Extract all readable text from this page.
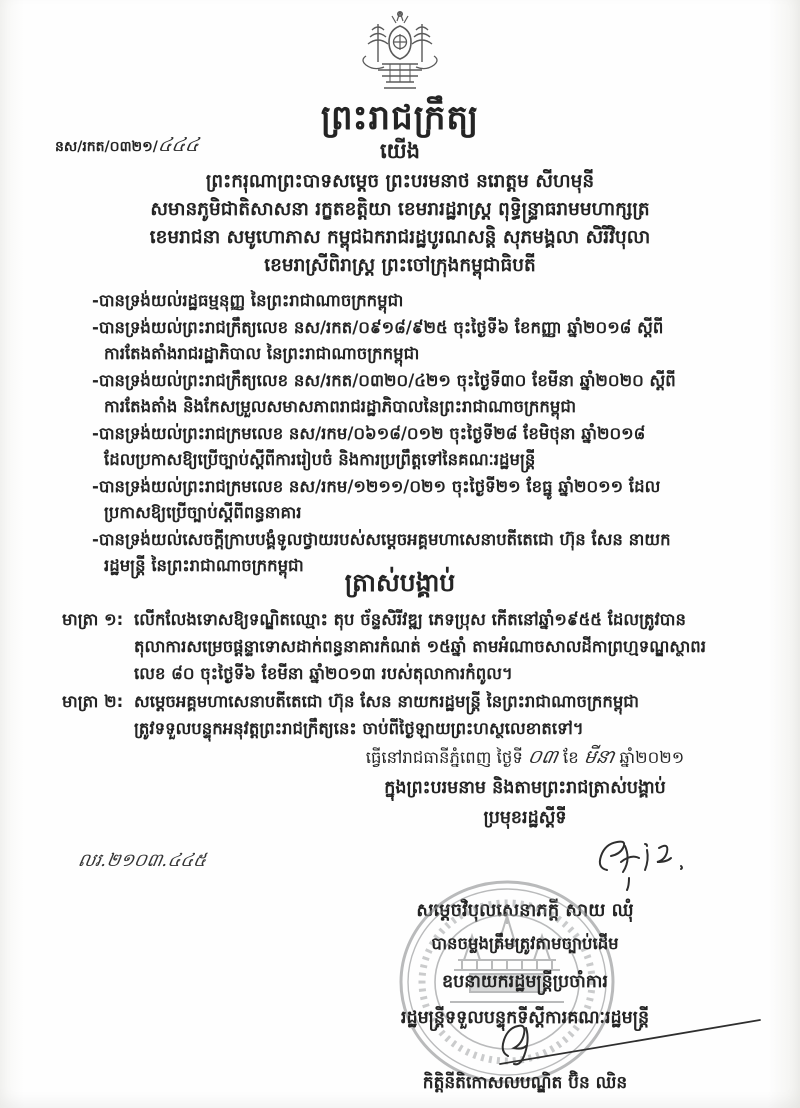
ព្រះរាជក្រឹត្យ
យើង
នស/រកត/០៣២១/៤៤៤
ព្រះករុណាព្រះបាទសម្តេច ព្រះបរមនាថ នរោត្តម សីហមុនី
សមានភូមិជាតិសាសនា រក្ខតខត្តិយា ខេមរារដ្ឋរាស្ត្រ ពុទ្ធិន្ទ្រាធរាមមហាក្សត្រ
ខេមរាជនា សមូហោភាស កម្ពុជឯករាជរដ្ឋបូរណសន្តិ សុភមង្គលា សិរីវិបុលា
ខេមរាស្រីពិរាស្ត្រ ព្រះចៅក្រុងកម្ពុជាធិបតី
-បានទ្រង់យល់រដ្ឋធម្មនុញ្ញ នៃព្រះរាជាណាចក្រកម្ពុជា
-បានទ្រង់យល់ព្រះរាជក្រឹត្យលេខ នស/រកត/០៩១៨/៩២៥ ចុះថ្ងៃទី៦ ខែកញ្ញា ឆ្នាំ២០១៨ ស្តីពី
ការតែងតាំងរាជរដ្ឋាភិបាល នៃព្រះរាជាណាចក្រកម្ពុជា
-បានទ្រង់យល់ព្រះរាជក្រឹត្យលេខ នស/រកត/០៣២០/៤២១ ចុះថ្ងៃទី៣០ ខែមីនា ឆ្នាំ២០២០ ស្តីពី
ការតែងតាំង និងកែសម្រួលសមាសភាពរាជរដ្ឋាភិបាលនៃព្រះរាជាណាចក្រកម្ពុជា
-បានទ្រង់យល់ព្រះរាជក្រមលេខ នស/រកម/០៦១៨/០១២ ចុះថ្ងៃទី២៨ ខែមិថុនា ឆ្នាំ២០១៨
ដែលប្រកាសឱ្យប្រើច្បាប់ស្តីពីការរៀបចំ និងការប្រព្រឹត្តទៅនៃគណៈរដ្ឋមន្ត្រី
-បានទ្រង់យល់ព្រះរាជក្រមលេខ នស/រកម/១២១១/០២១ ចុះថ្ងៃទី២១ ខែធ្នូ ឆ្នាំ២០១១ ដែល
ប្រកាសឱ្យប្រើច្បាប់ស្តីពីពន្ធនាគារ
-បានទ្រង់យល់សេចក្តីក្រាបបង្គំទូលថ្វាយរបស់សម្តេចអគ្គមហាសេនាបតីតេជោ ហ៊ុន សែន នាយក
រដ្ឋមន្ត្រី នៃព្រះរាជាណាចក្រកម្ពុជា
ត្រាស់បង្គាប់
មាត្រា ១: លើកលែងទោសឱ្យទណ្ឌិតឈ្មោះ តុប ច័ន្ទសិរីវឌ្ឍ ភេទប្រុស កើតនៅឆ្នាំ១៩៥៥ ដែលត្រូវបាន
តុលាការសម្រេចផ្តន្ទាទោសដាក់ពន្ធនាគារកំណត់ ១៥ឆ្នាំ តាមអំណាចសាលដីកាព្រហ្មទណ្ឌស្ថាពរ
លេខ ៨០ ចុះថ្ងៃទី៦ ខែមីនា ឆ្នាំ២០១៣ របស់តុលាការកំពូល។
មាត្រា ២: សម្តេចអគ្គមហាសេនាបតីតេជោ ហ៊ុន សែន នាយករដ្ឋមន្ត្រី នៃព្រះរាជាណាចក្រកម្ពុជា
ត្រូវទទួលបន្ទុកអនុវត្តព្រះរាជក្រឹត្យនេះ ចាប់ពីថ្ងៃឡាយព្រះហស្ថលេខាតទៅ។
ធ្វើនៅរាជធានីភ្នំពេញ ថ្ងៃទី ០៣ ខែ មីនា ឆ្នាំ២០២១
ក្នុងព្រះបរមនាម និងតាមព្រះរាជត្រាស់បង្គាប់
ប្រមុខរដ្ឋស្តីទី
លរ.២១០៣.៤៤៥
សម្តេចវិបុលសេនាភក្តី សាយ ឈុំ
បានចម្លងត្រឹមត្រូវតាមច្បាប់ដើម
ឧបនាយករដ្ឋមន្ត្រីប្រចាំការ
រដ្ឋមន្ត្រីទទួលបន្ទុកទីស្តីការគណៈរដ្ឋមន្ត្រី
កិត្តិនីតិកោសលបណ្ឌិត ប៊ិន ឈិន
